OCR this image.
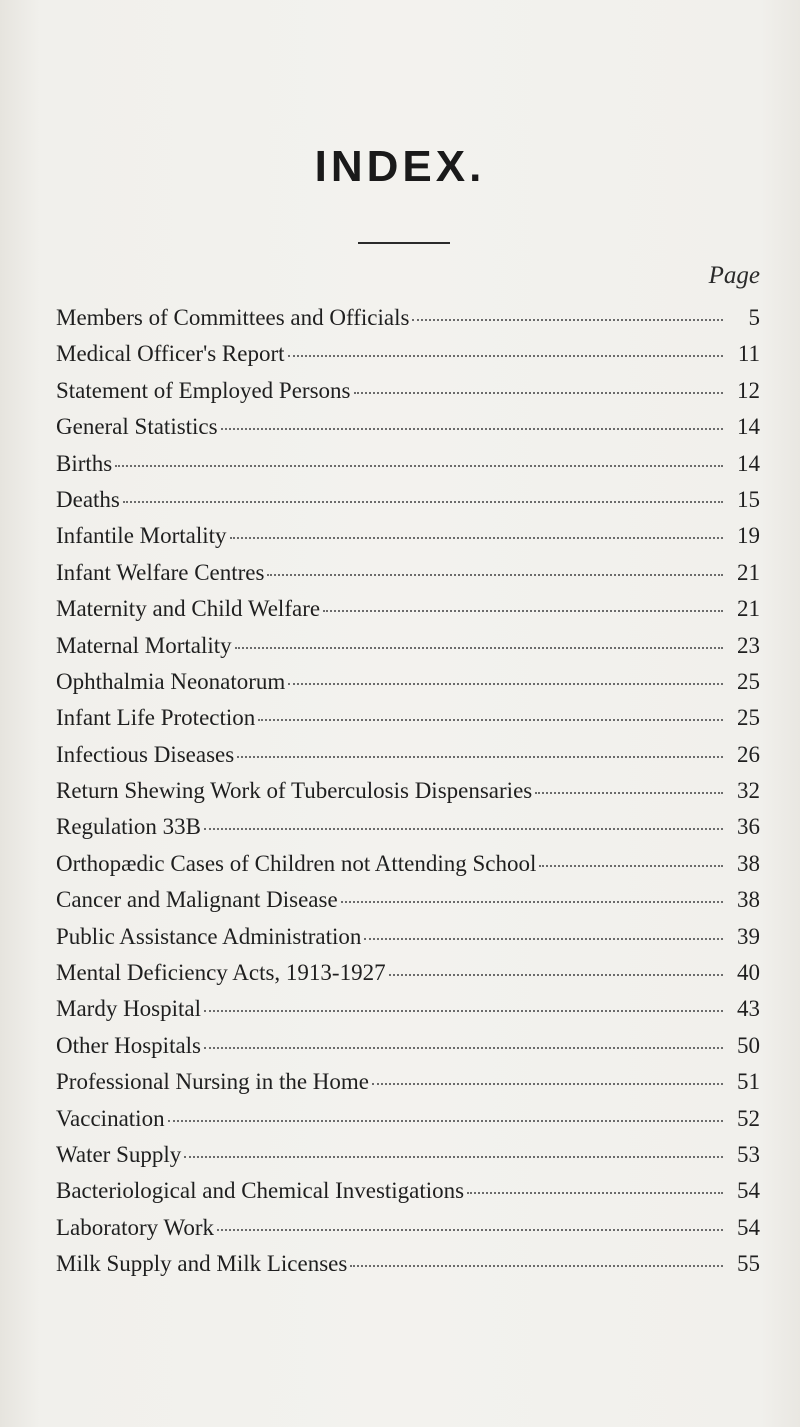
INDEX.
Page
Members of Committees and Officials	5
Medical Officer's Report	11
Statement of Employed Persons	12
General Statistics	14
Births	14
Deaths	15
Infantile Mortality	19
Infant Welfare Centres	21
Maternity and Child Welfare	21
Maternal Mortality	23
Ophthalmia Neonatorum	25
Infant Life Protection	25
Infectious Diseases	26
Return Shewing Work of Tuberculosis Dispensaries	32
Regulation 33B	36
Orthopædic Cases of Children not Attending School	38
Cancer and Malignant Disease	38
Public Assistance Administration	39
Mental Deficiency Acts, 1913-1927	40
Mardy Hospital	43
Other Hospitals	50
Professional Nursing in the Home	51
Vaccination	52
Water Supply	53
Bacteriological and Chemical Investigations	54
Laboratory Work	54
Milk Supply and Milk Licenses	55
